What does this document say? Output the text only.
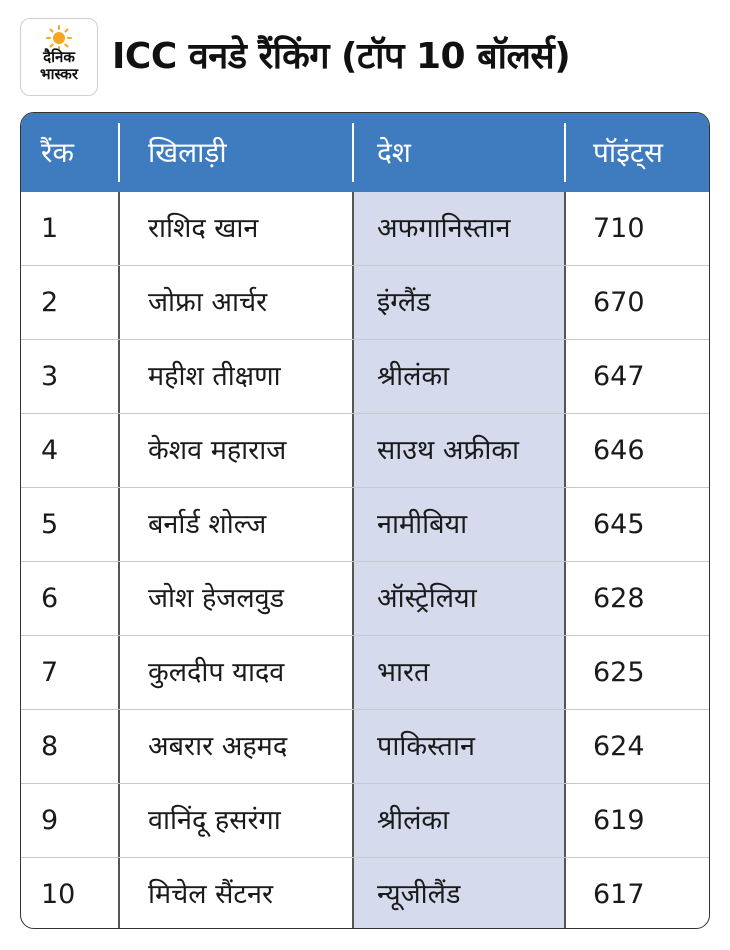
दैनिक
भास्कर ICC वनडे रैंकिंग (टॉप 10 बॉलर्स)
रैंक	खिलाड़ी	देश	पॉइंट्स
1	राशिद खान	अफगानिस्तान	710
2	जोफ्रा आर्चर	इंग्लैंड	670
3	महीश तीक्षणा	श्रीलंका	647
4	केशव महाराज	साउथ अफ्रीका	646
5	बर्नार्ड शोल्ज	नामीबिया	645
6	जोश हेजलवुड	ऑस्ट्रेलिया	628
7	कुलदीप यादव	भारत	625
8	अबरार अहमद	पाकिस्तान	624
9	वानिंदू हसरंगा	श्रीलंका	619
10	मिचेल सैंटनर	न्यूजीलैंड	617
